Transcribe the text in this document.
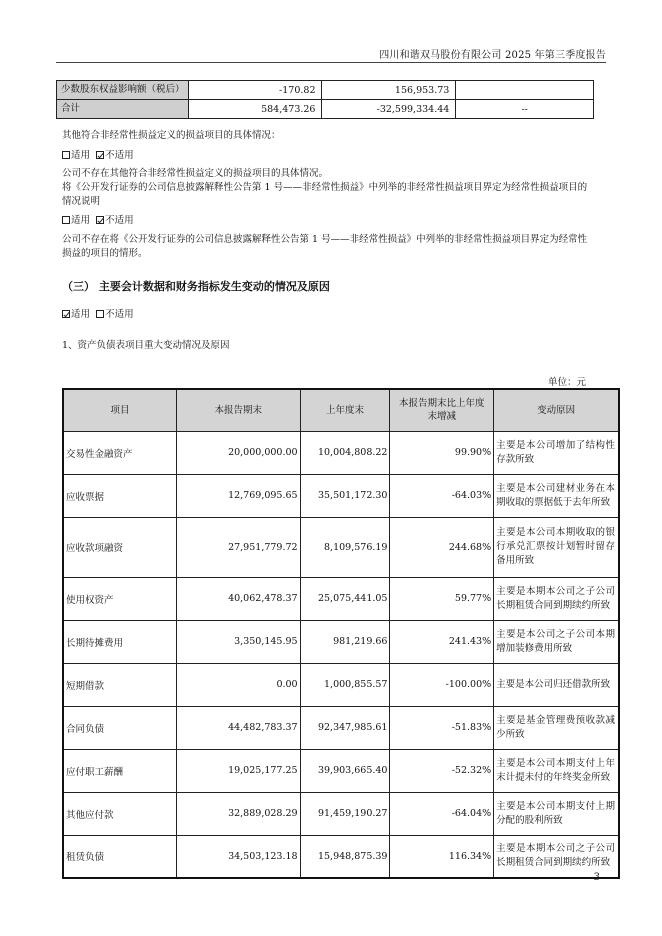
四川和谐双马股份有限公司 2025 年第三季度报告
少数股东权益影响额（税后）	-170.82	156,953.73	
合计	584,473.26	-32,599,334.44	--
其他符合非经常性损益定义的损益项目的具体情况：
适用 不适用
公司不存在其他符合非经常性损益定义的损益项目的具体情况。
将《公开发行证券的公司信息披露解释性公告第 1 号——非经常性损益》中列举的非经常性损益项目界定为经常性损益项目的情况说明
适用 不适用
公司不存在将《公开发行证券的公司信息披露解释性公告第 1 号——非经常性损益》中列举的非经常性损益项目界定为经常性损益的项目的情形。
（三） 主要会计数据和财务指标发生变动的情况及原因
适用 不适用
1、资产负债表项目重大变动情况及原因
单位：元
项目	本报告期末	上年度末	本报告期末比上年度末增减	变动原因
交易性金融资产	20,000,000.00	10,004,808.22	99.90%	主要是本公司增加了结构性存款所致
应收票据	12,769,095.65	35,501,172.30	-64.03%	主要是本公司建材业务在本期收取的票据低于去年所致
应收款项融资	27,951,779.72	8,109,576.19	244.68%	主要是本公司本期收取的银行承兑汇票按计划暂时留存备用所致
使用权资产	40,062,478.37	25,075,441.05	59.77%	主要是本期本公司之子公司长期租赁合同到期续约所致
长期待摊费用	3,350,145.95	981,219.66	241.43%	主要是本公司之子公司本期增加装修费用所致
短期借款	0.00	1,000,855.57	-100.00%	主要是本公司归还借款所致
合同负债	44,482,783.37	92,347,985.61	-51.83%	主要是基金管理费预收款减少所致
应付职工薪酬	19,025,177.25	39,903,665.40	-52.32%	主要是本公司本期支付上年末计提未付的年终奖金所致
其他应付款	32,889,028.29	91,459,190.27	-64.04%	主要是本公司本期支付上期分配的股利所致
租赁负债	34,503,123.18	15,948,875.39	116.34%	主要是本期本公司之子公司长期租赁合同到期续约所致
3
